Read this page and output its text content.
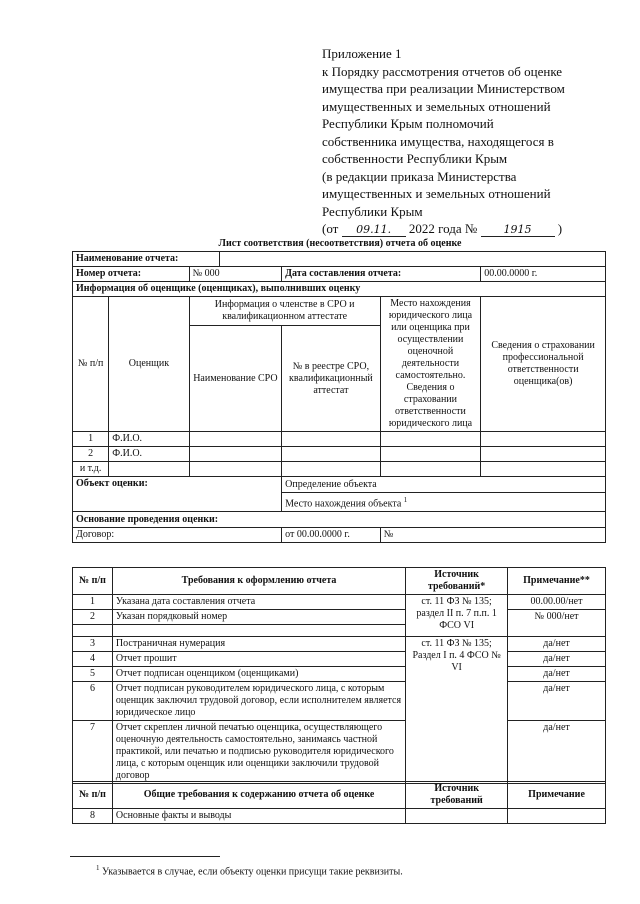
Приложение 1
к Порядку рассмотрения отчетов об оценке
имущества при реализации Министерством
имущественных и земельных отношений
Республики Крым полномочий
собственника имущества, находящегося в
собственности Республики Крым
(в редакции приказа Министерства
имущественных и земельных отношений
Республики Крым
(от 09.11. 2022 года № 1915 )
Лист соответствия (несоответствия) отчета об оценке
Наименование отчета:						
Номер отчета:		№ 000		Дата составления отчета:		00.00.0000 г.
Информация об оценщике (оценщиках), выполнивших оценку						
№ п/п	Оценщик	Информация о членстве в СРО и квалификационном аттестате			Место нахождения юридического лица или оценщика при осуществлении оценочной деятельности самостоятельно. Сведения о страховании ответственности юридического лица	Сведения о страховании профессиональной ответственности оценщика(ов)
		Наименование СРО		№ в реестре СРО, квалификационный аттестат		
1	Ф.И.О.					
2	Ф.И.О.					
и т.д.						
Объект оценки:				Определение объекта		
				Место нахождения объекта $^1$
Основание проведения оценки:						
Договор:				от 00.00.0000 г.	№	
№ п/п	Требования к оформлению отчета	Источник требований*	Примечание**
1	Указана дата составления отчета	ст. 11 ФЗ № 135; раздел II п. 7 п.п. 1 ФСО VI	00.00.00/нет
2	Указан порядковый номер		№ 000/нет

3	Постраничная нумерация	ст. 11 ФЗ № 135; Раздел I п. 4 ФСО № VI	да/нет
4	Отчет прошит		да/нет
5	Отчет подписан оценщиком (оценщиками)		да/нет
6	Отчет подписан руководителем юридического лица, с которым оценщик заключил трудовой договор, если исполнителем является юридическое лицо		да/нет
7	Отчет скреплен личной печатью оценщика, осуществляющего оценочную деятельность самостоятельно, занимаясь частной практикой, или печатью и подписью руководителя юридического лица, с которым оценщик или оценщики заключили трудовой договор		да/нет
№ п/п	Общие требования к содержанию отчета об оценке	Источник требований	Примечание
8	Основные факты и выводы		
$^1$ Указывается в случае, если объекту оценки присущи такие реквизиты.
